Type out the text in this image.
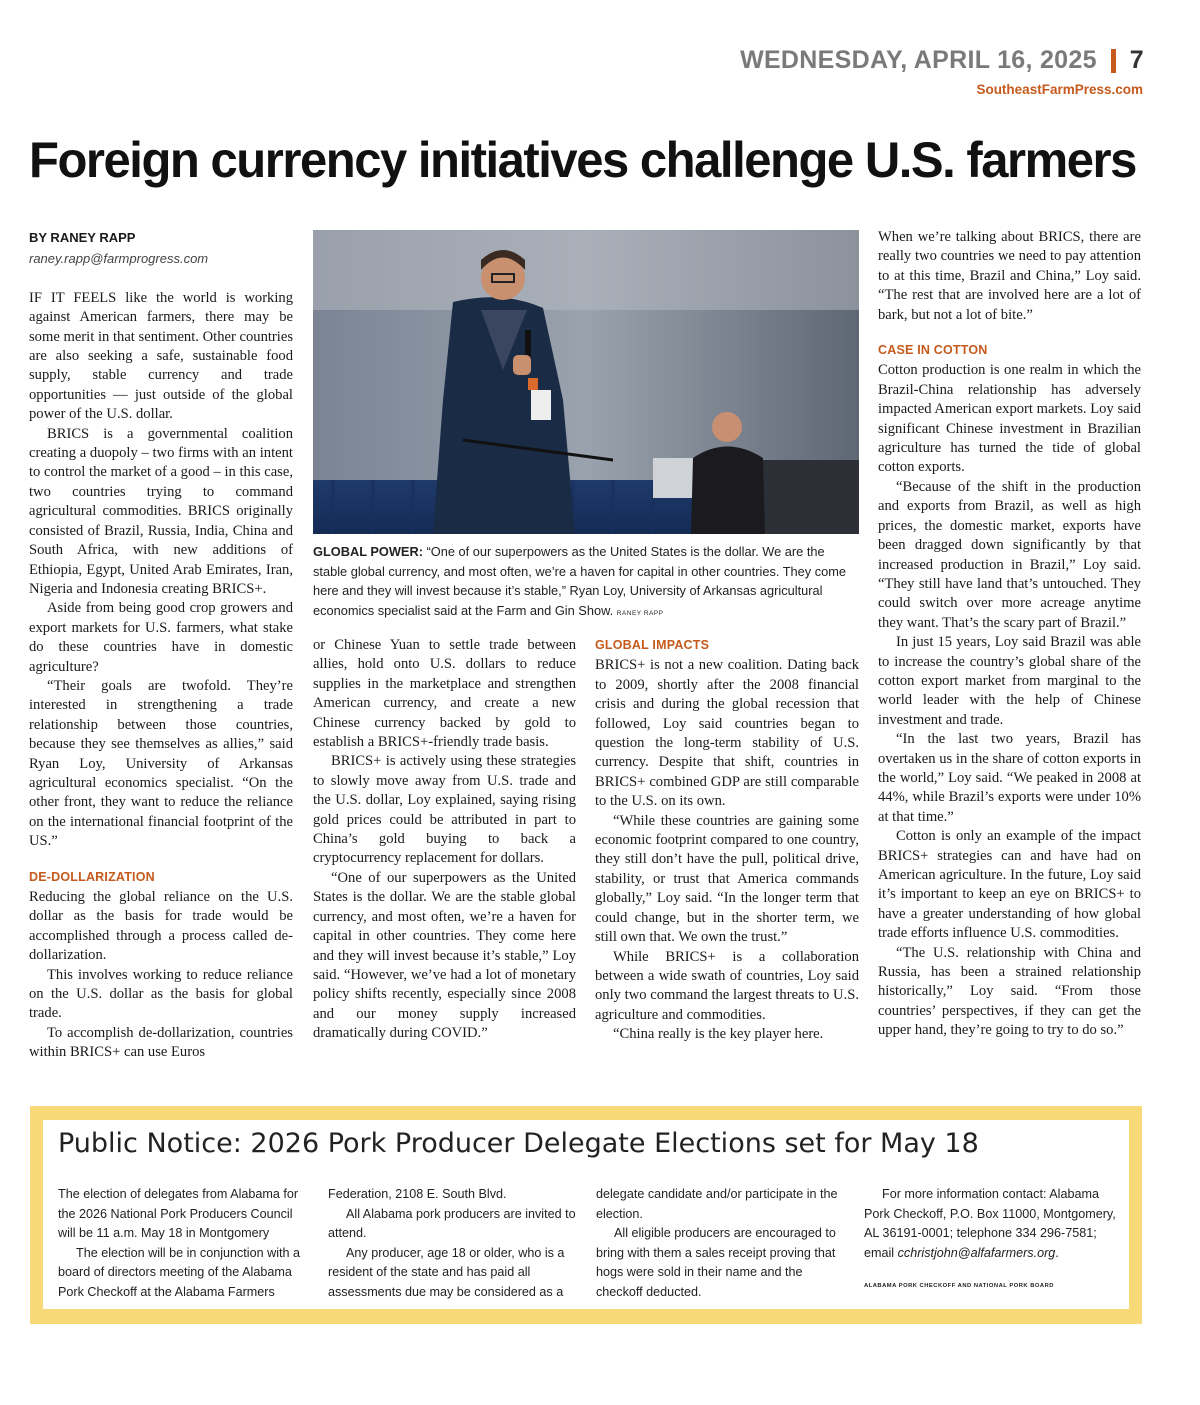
WEDNESDAY, APRIL 16, 2025 7
SoutheastFarmPress.com
Foreign currency initiatives challenge U.S. farmers

BY RANEY RAPP

raney.rapp@farmprogress.com

IF IT FEELS like the world is working against American farmers, there may be some merit in that sentiment. Other countries are also seeking a safe, sustainable food supply, stable currency and trade opportunities — just outside of the global power of the U.S. dollar.

BRICS is a governmental coalition creating a duopoly – two firms with an intent to control the market of a good – in this case, two countries trying to command agricultural commodities. BRICS originally consisted of Brazil, Russia, India, China and South Africa, with new additions of Ethiopia, Egypt, United Arab Emirates, Iran, Nigeria and Indonesia creating BRICS+.

Aside from being good crop growers and export markets for U.S. farmers, what stake do these countries have in domestic agriculture?

“Their goals are twofold. They’re interested in strengthening a trade relationship between those countries, because they see themselves as allies,” said Ryan Loy, University of Arkansas agricultural economics specialist. “On the other front, they want to reduce the reliance on the international financial footprint of the US.”

DE-DOLLARIZATION

Reducing the global reliance on the U.S. dollar as the basis for trade would be accomplished through a process called de-dollarization.

This involves working to reduce reliance on the U.S. dollar as the basis for global trade.

To accomplish de-dollarization, countries within BRICS+ can use Euros

GLOBAL POWER: “One of our superpowers as the United States is the dollar. We are the stable global currency, and most often, we’re a haven for capital in other countries. They come here and they will invest because it’s stable,” Ryan Loy, University of Arkansas agricultural economics specialist said at the Farm and Gin Show. RANEY RAPP

or Chinese Yuan to settle trade between allies, hold onto U.S. dollars to reduce supplies in the marketplace and strengthen American currency, and create a new Chinese currency backed by gold to establish a BRICS+-friendly trade basis.

BRICS+ is actively using these strategies to slowly move away from U.S. trade and the U.S. dollar, Loy explained, saying rising gold prices could be attributed in part to China’s gold buying to back a cryptocurrency replacement for dollars.

“One of our superpowers as the United States is the dollar. We are the stable global currency, and most often, we’re a haven for capital in other countries. They come here and they will invest because it’s stable,” Loy said. “However, we’ve had a lot of monetary policy shifts recently, especially since 2008 and our money supply increased dramatically during COVID.”

GLOBAL IMPACTS

BRICS+ is not a new coalition. Dating back to 2009, shortly after the 2008 financial crisis and during the global recession that followed, Loy said countries began to question the long-term stability of U.S. currency. Despite that shift, countries in BRICS+ combined GDP are still comparable to the U.S. on its own.

“While these countries are gaining some economic footprint compared to one country, they still don’t have the pull, political drive, stability, or trust that America commands globally,” Loy said. “In the longer term that could change, but in the shorter term, we still own that. We own the trust.”

While BRICS+ is a collaboration between a wide swath of countries, Loy said only two command the largest threats to U.S. agriculture and commodities.

“China really is the key player here.

When we’re talking about BRICS, there are really two countries we need to pay attention to at this time, Brazil and China,” Loy said. “The rest that are involved here are a lot of bark, but not a lot of bite.”

CASE IN COTTON

Cotton production is one realm in which the Brazil-China relationship has adversely impacted American export markets. Loy said significant Chinese investment in Brazilian agriculture has turned the tide of global cotton exports.

“Because of the shift in the production and exports from Brazil, as well as high prices, the domestic market, exports have been dragged down significantly by that increased production in Brazil,” Loy said. “They still have land that’s untouched. They could switch over more acreage anytime they want. That’s the scary part of Brazil.”

In just 15 years, Loy said Brazil was able to increase the country’s global share of the cotton export market from marginal to the world leader with the help of Chinese investment and trade.

“In the last two years, Brazil has overtaken us in the share of cotton exports in the world,” Loy said. “We peaked in 2008 at 44%, while Brazil’s exports were under 10% at that time.”

Cotton is only an example of the impact BRICS+ strategies can and have had on American agriculture. In the future, Loy said it’s important to keep an eye on BRICS+ to have a greater understanding of how global trade efforts influence U.S. commodities.

“The U.S. relationship with China and Russia, has been a strained relationship historically,” Loy said. “From those countries’ perspectives, if they can get the upper hand, they’re going to try to do so.”

Public Notice: 2026 Pork Producer Delegate Elections set for May 18

The election of delegates from Alabama for the 2026 National Pork Producers Council will be 11 a.m. May 18 in Montgomery

The election will be in conjunction with a board of directors meeting of the Alabama Pork Checkoff at the Alabama Farmers

Federation, 2108 E. South Blvd.

All Alabama pork producers are invited to attend.

Any producer, age 18 or older, who is a resident of the state and has paid all assessments due may be considered as a

delegate candidate and/or participate in the election.

All eligible producers are encouraged to bring with them a sales receipt proving that hogs were sold in their name and the checkoff deducted.

For more information contact: Alabama Pork Checkoff, P.O. Box 11000, Montgomery, AL 36191-0001; telephone 334 296-7581; email cchristjohn@alfafarmers.org.

ALABAMA PORK CHECKOFF AND NATIONAL PORK BOARD
